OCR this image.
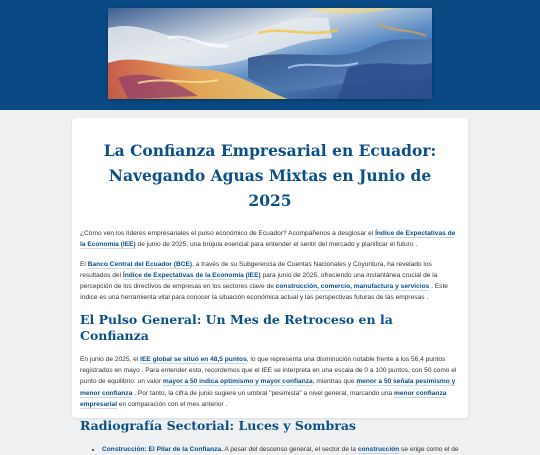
La Confianza Empresarial en Ecuador: Navegando Aguas Mixtas en Junio de 2025

¿Cómo ven los líderes empresariales el pulso económico de Ecuador? Acompáñenos a desglosar el Índice de Expectativas de la Economía (IEE) de junio de 2025, una brújula esencial para entender el sentir del mercado y planificar el futuro .

El Banco Central del Ecuador (BCE), a través de su Subgerencia de Cuentas Nacionales y Coyuntura, ha revelado los resultados del Índice de Expectativas de la Economía (IEE) para junio de 2025, ofreciendo una instantánea crucial de la percepción de los directivos de empresas en los sectores clave de construcción, comercio, manufactura y servicios . Este índice es una herramienta vital para conocer la situación económica actual y las perspectivas futuras de las empresas .

El Pulso General: Un Mes de Retroceso en la Confianza

En junio de 2025, el IEE global se situó en 48,5 puntos, lo que representa una disminución notable frente a los 56,4 puntos registrados en mayo . Para entender esto, recordemos que el IEE se interpreta en una escala de 0 a 100 puntos, con 50 como el punto de equilibrio: un valor mayor a 50 indica optimismo y mayor confianza, mientras que menor a 50 señala pesimismo y menor confianza . Por tanto, la cifra de junio sugiere un umbral "pesimista" a nivel general, marcando una menor confianza empresarial en comparación con el mes anterior .

Radiografía Sectorial: Luces y Sombras
• Construcción: El Pilar de la Confianza. A pesar del descenso general, el sector de la construcción se erige como el de
